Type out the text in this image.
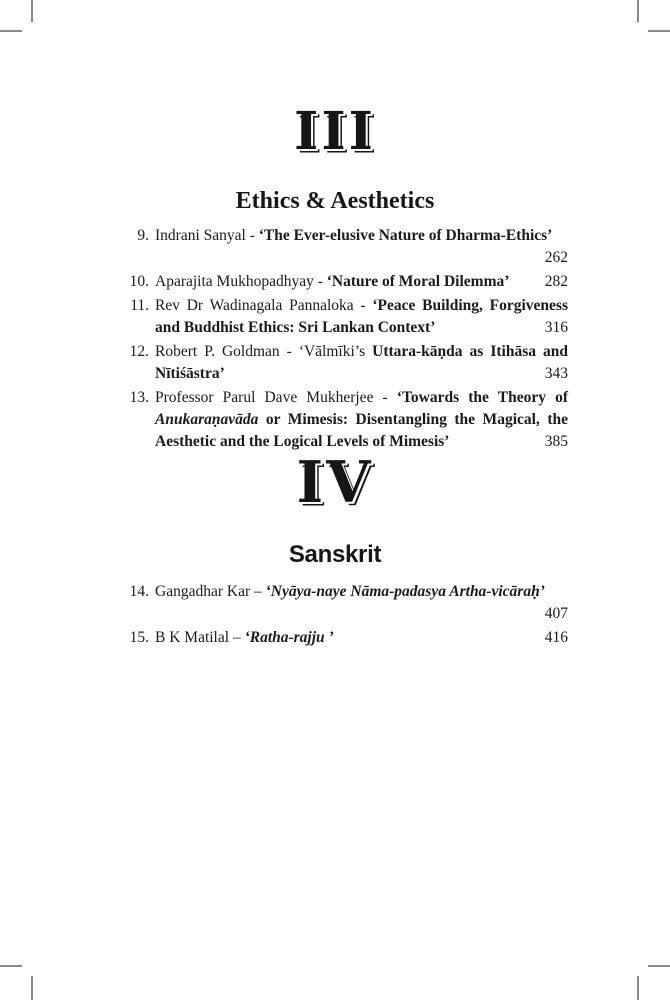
III
Ethics & Aesthetics
9. Indrani Sanyal - ‘The Ever-elusive Nature of Dharma-Ethics’
262
10. Aparajita Mukhopadhyay - ‘Nature of Moral Dilemma’	282
11. Rev Dr Wadinagala Pannaloka - ‘Peace Building, Forgiveness
and Buddhist Ethics: Sri Lankan Context’	316
12. Robert P. Goldman - ‘Vālmīki’s Uttara-kāṇda as Itihāsa and
Nītiśāstra’	343
13. Professor Parul Dave Mukherjee - ‘Towards the Theory of
Anukaraṇavāda or Mimesis: Disentangling the Magical, the
Aesthetic and the Logical Levels of Mimesis’	385
IV
Sanskrit
14. Gangadhar Kar – ‘Nyāya-naye Nāma-padasya Artha-vicāraḥ’
407
15. B K Matilal – ‘Ratha-rajju ’	416
